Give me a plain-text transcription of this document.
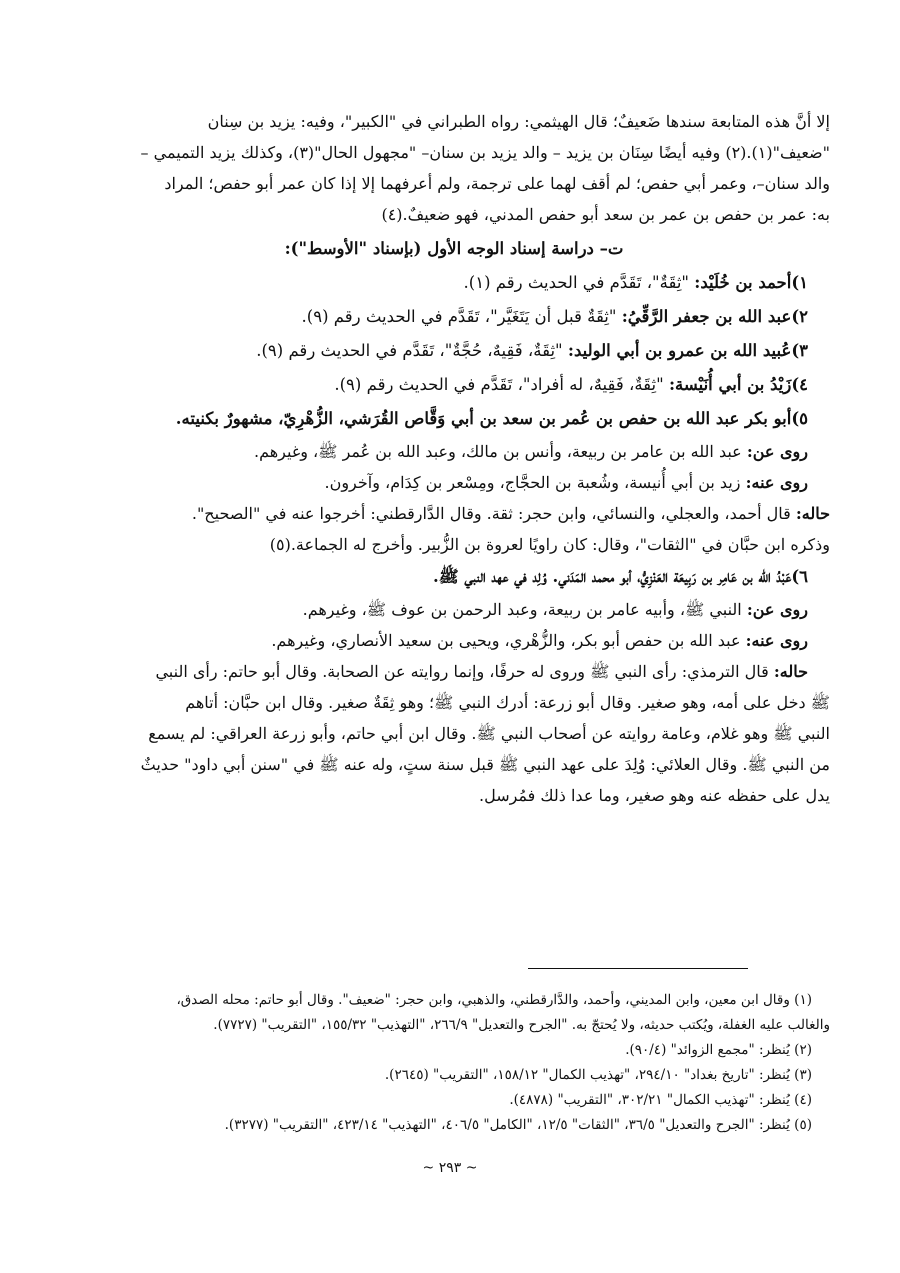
إلا أنَّ هذه المتابعة سندها ضَعيفٌ؛ قال الهيثمي: رواه الطبراني في "الكبير"، وفيه: يزيد بن سِنان

"ضعيف"(١).(٢) وفيه أيضًا سِنَان بن يزيد – والد يزيد بن سنان– "مجهول الحال"(٣)، وكذلك يزيد التميمي –

والد سنان–، وعمر أبي حفص؛ لم أقف لهما على ترجمة، ولم أعرفهما إلا إذا كان عمر أبو حفص؛ المراد

به: عمر بن حفص بن عمر بن سعد أبو حفص المدني، فهو ضعيفٌ.(٤)

ت– دراسة إسناد الوجه الأول (بإسناد "الأوسط"):

١)أحمد بن خُلَيْد: "ثِقَةٌ"، تَقَدَّم في الحديث رقم (١).

٢)عبد الله بن جعفر الرَّقِّيُ: "ثِقَةٌ قبل أن يَتَغَيَّر"، تَقَدَّم في الحديث رقم (٩).

٣)عُبيد الله بن عمرو بن أبي الوليد: "ثِقَةٌ، فَقِيهٌ، حُجَّةٌ"، تَقَدَّم في الحديث رقم (٩).

٤)زَيْدُ بن أبي أُنَيْسة: "ثِقَةٌ، فَقِيهٌ، له أفراد"، تَقَدَّم في الحديث رقم (٩).

٥)أبو بكر عبد الله بن حفص بن عُمر بن سعد بن أبي وَقَّاص القُرَشي، الزُّهْرِيّ، مشهورٌ بكنيته.

روى عن: عبد الله بن عامر بن ربيعة، وأنس بن مالك، وعبد الله بن عُمر ﷺ، وغيرهم.

روى عنه: زيد بن أبي أُنيسة، وشُعبة بن الحجَّاج، ومِسْعر بن كِدَام، وآخرون.

حاله: قال أحمد، والعجلي، والنسائي، وابن حجر: ثقة. وقال الدَّارقطني: أخرجوا عنه في "الصحيح".

وذكره ابن حبَّان في "الثقات"، وقال: كان راويًا لعروة بن الزُّبير. وأخرج له الجماعة.(٥)

٦)عَبْدُ الله بن عَامِر بن رَبِيعَة العَنْزِيُّ، أبو محمد المَدَني. وُلِد في عهد النبي ﷺ.

روى عن: النبي ﷺ، وأبيه عامر بن ربيعة، وعبد الرحمن بن عوف ﷺ، وغيرهم.

روى عنه: عبد الله بن حفص أبو بكر، والزُّهْري، ويحيى بن سعيد الأنصاري، وغيرهم.

حاله: قال الترمذي: رأى النبي ﷺ وروى له حرفًا، وإنما روايته عن الصحابة. وقال أبو حاتم: رأى النبي

ﷺ دخل على أمه، وهو صغير. وقال أبو زرعة: أدرك النبي ﷺ؛ وهو ثِقَةٌ صغير. وقال ابن حبَّان: أتاهم

النبي ﷺ وهو غلام، وعامة روايته عن أصحاب النبي ﷺ. وقال ابن أبي حاتم، وأبو زرعة العراقي: لم يسمع

من النبي ﷺ. وقال العلائي: وُلِدَ على عهد النبي ﷺ قبل سنة ستٍ، وله عنه ﷺ في "سنن أبي داود" حديثٌ

يدل على حفظه عنه وهو صغير، وما عدا ذلك فمُرسل.

(١) وقال ابن معين، وابن المديني، وأحمد، والدَّارقطني، والذهبي، وابن حجر: "ضعيف". وقال أبو حاتم: محله الصدق،

والغالب عليه الغفلة، ويُكتب حديثه، ولا يُحتجّ به. "الجرح والتعديل" ٢٦٦/٩، "التهذيب" ١٥٥/٣٢، "التقريب" (٧٧٢٧).

(٢) يُنظر: "مجمع الزوائد" (٩٠/٤).

(٣) يُنظر: "تاريخ بغداد" ٢٩٤/١٠، "تهذيب الكمال" ١٥٨/١٢، "التقريب" (٢٦٤٥).

(٤) يُنظر: "تهذيب الكمال" ٣٠٢/٢١، "التقريب" (٤٨٧٨).

(٥) يُنظر: "الجرح والتعديل" ٣٦/٥، "الثقات" ١٢/٥، "الكامل" ٤٠٦/٥، "التهذيب" ٤٢٣/١٤، "التقريب" (٣٢٧٧).

~ ٢٩٣ ~
